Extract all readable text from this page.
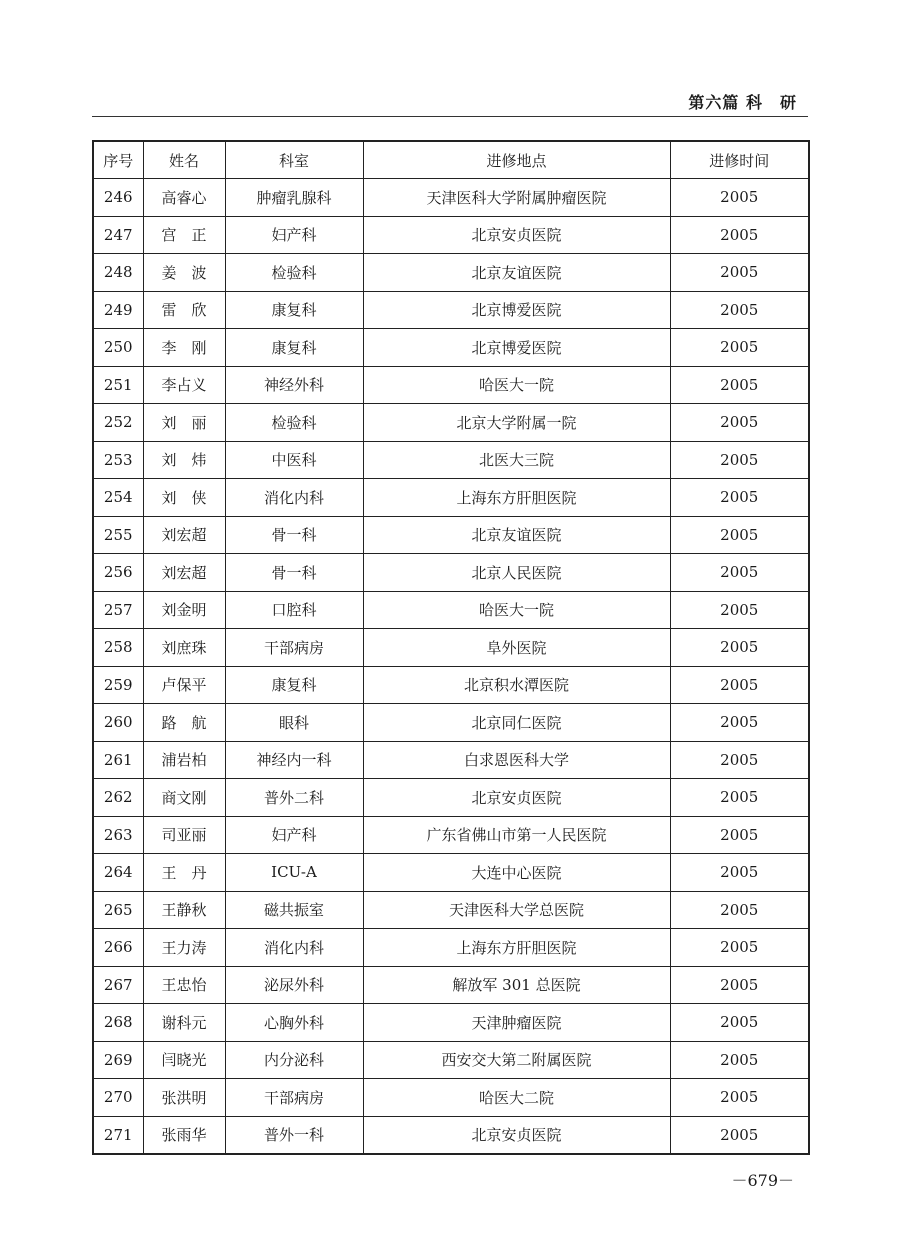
第六篇 科　研
序号	姓名	科室	进修地点	进修时间
246	高睿心	肿瘤乳腺科	天津医科大学附属肿瘤医院	2005
247	宫　正	妇产科	北京安贞医院	2005
248	姜　波	检验科	北京友谊医院	2005
249	雷　欣	康复科	北京博爱医院	2005
250	李　刚	康复科	北京博爱医院	2005
251	李占义	神经外科	哈医大一院	2005
252	刘　丽	检验科	北京大学附属一院	2005
253	刘　炜	中医科	北医大三院	2005
254	刘　侠	消化内科	上海东方肝胆医院	2005
255	刘宏超	骨一科	北京友谊医院	2005
256	刘宏超	骨一科	北京人民医院	2005
257	刘金明	口腔科	哈医大一院	2005
258	刘庶珠	干部病房	阜外医院	2005
259	卢保平	康复科	北京积水潭医院	2005
260	路　航	眼科	北京同仁医院	2005
261	浦岩柏	神经内一科	白求恩医科大学	2005
262	商文刚	普外二科	北京安贞医院	2005
263	司亚丽	妇产科	广东省佛山市第一人民医院	2005
264	王　丹	ICU-A	大连中心医院	2005
265	王静秋	磁共振室	天津医科大学总医院	2005
266	王力涛	消化内科	上海东方肝胆医院	2005
267	王忠怡	泌尿外科	解放军 301 总医院	2005
268	谢科元	心胸外科	天津肿瘤医院	2005
269	闫晓光	内分泌科	西安交大第二附属医院	2005
270	张洪明	干部病房	哈医大二院	2005
271	张雨华	普外一科	北京安贞医院	2005
－679－
